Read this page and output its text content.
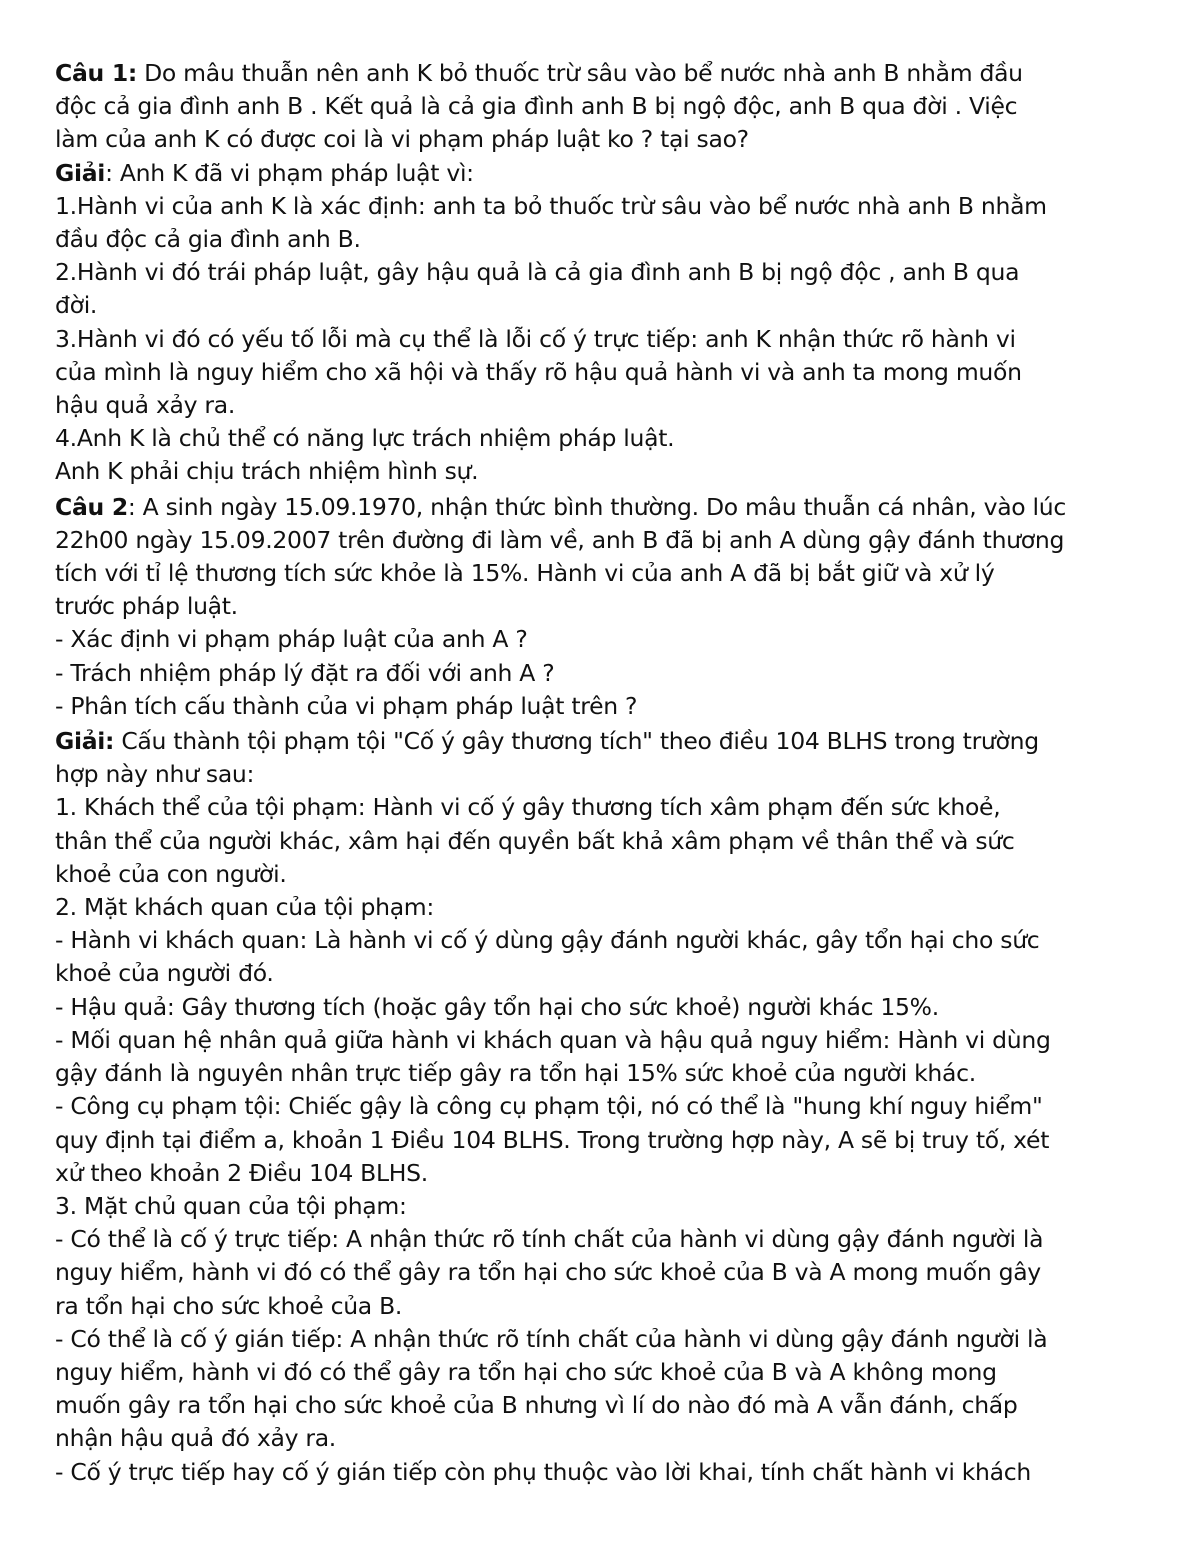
Câu 1: Do mâu thuẫn nên anh K bỏ thuốc trừ sâu vào bể nước nhà anh B nhằm đầu
độc cả gia đình anh B . Kết quả là cả gia đình anh B bị ngộ độc, anh B qua đời . Việc
làm của anh K có được coi là vi phạm pháp luật ko ? tại sao?
Giải: Anh K đã vi phạm pháp luật vì:
1.Hành vi của anh K là xác định: anh ta bỏ thuốc trừ sâu vào bể nước nhà anh B nhằm
đầu độc cả gia đình anh B.
2.Hành vi đó trái pháp luật, gây hậu quả là cả gia đình anh B bị ngộ độc , anh B qua
đời.
3.Hành vi đó có yếu tố lỗi mà cụ thể là lỗi cố ý trực tiếp: anh K nhận thức rõ hành vi
của mình là nguy hiểm cho xã hội và thấy rõ hậu quả hành vi và anh ta mong muốn
hậu quả xảy ra.
4.Anh K là chủ thể có năng lực trách nhiệm pháp luật.
Anh K phải chịu trách nhiệm hình sự.
Câu 2: A sinh ngày 15.09.1970, nhận thức bình thường. Do mâu thuẫn cá nhân, vào lúc
22h00 ngày 15.09.2007 trên đường đi làm về, anh B đã bị anh A dùng gậy đánh thương
tích với tỉ lệ thương tích sức khỏe là 15%. Hành vi của anh A đã bị bắt giữ và xử lý
trước pháp luật.
- Xác định vi phạm pháp luật của anh A ?
- Trách nhiệm pháp lý đặt ra đối với anh A ?
- Phân tích cấu thành của vi phạm pháp luật trên ?
Giải: Cấu thành tội phạm tội "Cố ý gây thương tích" theo điều 104 BLHS trong trường
hợp này như sau:
1. Khách thể của tội phạm: Hành vi cố ý gây thương tích xâm phạm đến sức khoẻ,
thân thể của người khác, xâm hại đến quyền bất khả xâm phạm về thân thể và sức
khoẻ của con người.
2. Mặt khách quan của tội phạm:
- Hành vi khách quan: Là hành vi cố ý dùng gậy đánh người khác, gây tổn hại cho sức
khoẻ của người đó.
- Hậu quả: Gây thương tích (hoặc gây tổn hại cho sức khoẻ) người khác 15%.
- Mối quan hệ nhân quả giữa hành vi khách quan và hậu quả nguy hiểm: Hành vi dùng
gậy đánh là nguyên nhân trực tiếp gây ra tổn hại 15% sức khoẻ của người khác.
- Công cụ phạm tội: Chiếc gậy là công cụ phạm tội, nó có thể là "hung khí nguy hiểm"
quy định tại điểm a, khoản 1 Điều 104 BLHS. Trong trường hợp này, A sẽ bị truy tố, xét
xử theo khoản 2 Điều 104 BLHS.
3. Mặt chủ quan của tội phạm:
- Có thể là cố ý trực tiếp: A nhận thức rõ tính chất của hành vi dùng gậy đánh người là
nguy hiểm, hành vi đó có thể gây ra tổn hại cho sức khoẻ của B và A mong muốn gây
ra tổn hại cho sức khoẻ của B.
- Có thể là cố ý gián tiếp: A nhận thức rõ tính chất của hành vi dùng gậy đánh người là
nguy hiểm, hành vi đó có thể gây ra tổn hại cho sức khoẻ của B và A không mong
muốn gây ra tổn hại cho sức khoẻ của B nhưng vì lí do nào đó mà A vẫn đánh, chấp
nhận hậu quả đó xảy ra.
- Cố ý trực tiếp hay cố ý gián tiếp còn phụ thuộc vào lời khai, tính chất hành vi khách
